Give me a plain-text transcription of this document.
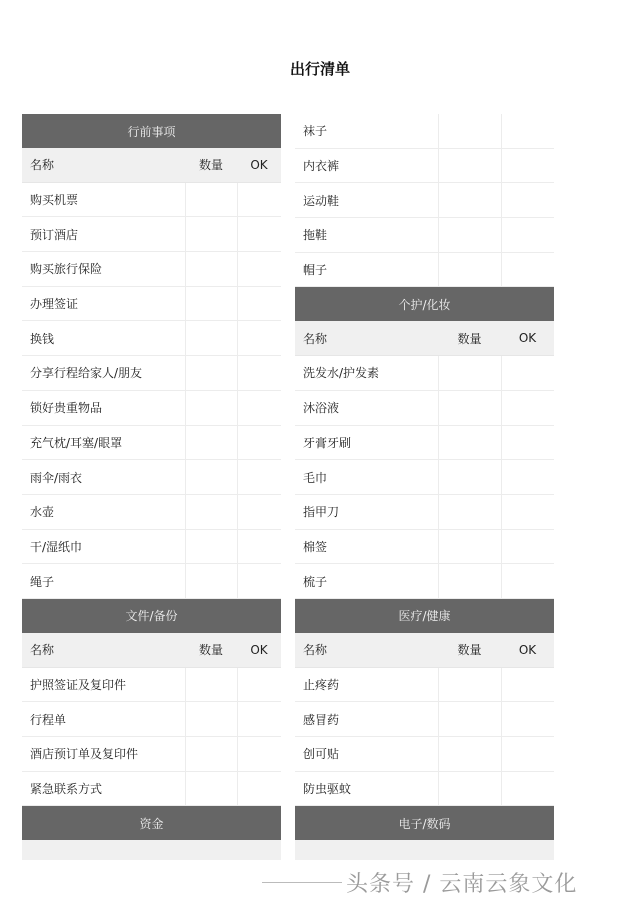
出行清单
行前事项
名称	数量	OK
购买机票
预订酒店
购买旅行保险
办理签证
换钱
分享行程给家人/朋友
锁好贵重物品
充气枕/耳塞/眼罩
雨伞/雨衣
水壶
干/湿纸巾
绳子
文件/备份
名称	数量	OK
护照签证及复印件
行程单
酒店预订单及复印件
紧急联系方式
资金
袜子
内衣裤
运动鞋
拖鞋
帽子
个护/化妆
名称	数量	OK
洗发水/护发素
沐浴液
牙膏牙刷
毛巾
指甲刀
棉签
梳子
医疗/健康
名称	数量	OK
止疼药
感冒药
创可贴
防虫驱蚊
电子/数码
头条号 / 云南云象文化
